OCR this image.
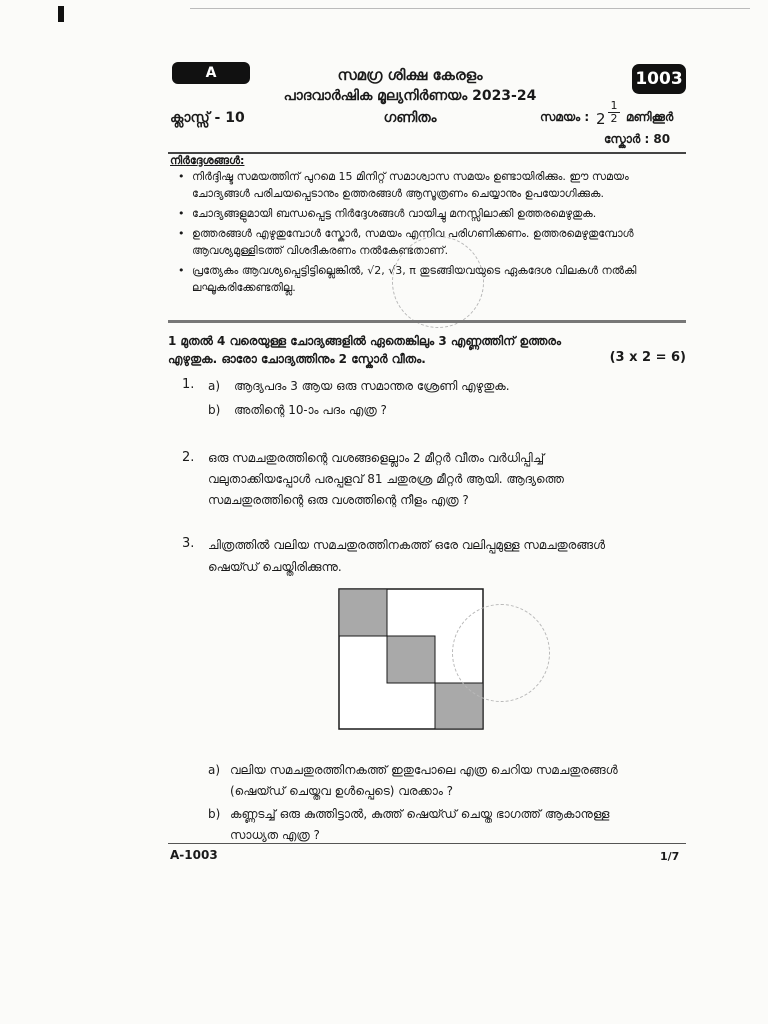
A	1003
സമഗ്ര ശിക്ഷ കേരളം
പാദവാർഷിക മൂല്യനിർണയം 2023-24
ക്ലാസ്സ് - 10	ഗണിതം	സമയം : $2 \frac{1}{2}$ മണിക്കൂർ
സ്കോർ : 80
നിർദ്ദേശങ്ങൾ:
• നിർദ്ദിഷ്ട സമയത്തിന് പുറമെ 15 മിനിറ്റ് സമാശ്വാസ സമയം ഉണ്ടായിരിക്കും. ഈ സമയം ചോദ്യങ്ങൾ പരിചയപ്പെടാനും ഉത്തരങ്ങൾ ആസൂത്രണം ചെയ്യാനും ഉപയോഗിക്കുക.
• ചോദ്യങ്ങളുമായി ബന്ധപ്പെട്ട നിർദ്ദേശങ്ങൾ വായിച്ചു മനസ്സിലാക്കി ഉത്തരമെഴുതുക.
• ഉത്തരങ്ങൾ എഴുതുമ്പോൾ സ്കോർ, സമയം എന്നിവ പരിഗണിക്കണം. ഉത്തരമെഴുതുമ്പോൾ ആവശ്യമുള്ളിടത്ത് വിശദീകരണം നൽകേണ്ടതാണ്.
• പ്രത്യേകം ആവശ്യപ്പെട്ടിട്ടില്ലെങ്കിൽ, √2, √3, π തുടങ്ങിയവയുടെ ഏകദേശ വിലകൾ നൽകി ലഘൂകരിക്കേണ്ടതില്ല.
1 മുതൽ 4 വരെയുള്ള ചോദ്യങ്ങളിൽ ഏതെങ്കിലും 3 എണ്ണത്തിന് ഉത്തരം
എഴുതുക. ഓരോ ചോദ്യത്തിനും 2 സ്കോർ വീതം.	(3 x 2 = 6)
1. a) ആദ്യപദം 3 ആയ ഒരു സമാന്തര ശ്രേണി എഴുതുക.
b) അതിന്റെ 10-ാം പദം എത്ര ?
2. ഒരു സമചതുരത്തിന്റെ വശങ്ങളെല്ലാം 2 മീറ്റർ വീതം വർധിപ്പിച്ച്
വലുതാക്കിയപ്പോൾ പരപ്പളവ് 81 ചതുരശ്ര മീറ്റർ ആയി. ആദ്യത്തെ
സമചതുരത്തിന്റെ ഒരു വശത്തിന്റെ നീളം എത്ര ?
3. ചിത്രത്തിൽ വലിയ സമചതുരത്തിനകത്ത് ഒരേ വലിപ്പമുള്ള സമചതുരങ്ങൾ
ഷെയ്ഡ് ചെയ്തിരിക്കുന്നു.
a) വലിയ സമചതുരത്തിനകത്ത് ഇതുപോലെ എത്ര ചെറിയ സമചതുരങ്ങൾ
(ഷെയ്ഡ് ചെയ്തവ ഉൾപ്പെടെ) വരക്കാം ?
b) കണ്ണടച്ച് ഒരു കുത്തിട്ടാൽ, കുത്ത് ഷെയ്ഡ് ചെയ്ത ഭാഗത്ത് ആകാനുള്ള
സാധ്യത എത്ര ?
A-1003	1/7
